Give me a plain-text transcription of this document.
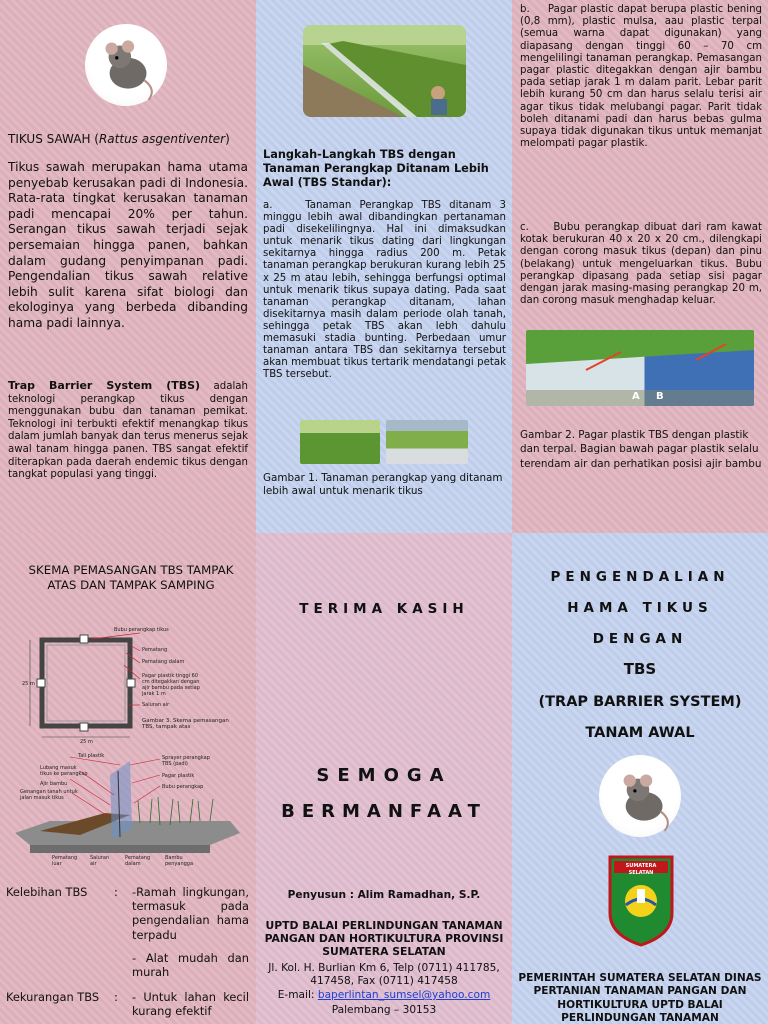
TIKUS SAWAH (Rattus asgentiventer)

Tikus sawah merupakan hama utama penyebab kerusakan padi di Indonesia. Rata-rata tingkat kerusakan tanaman padi mencapai 20% per tahun. Serangan tikus sawah terjadi sejak persemaian hingga panen, bahkan dalam gudang penyimpanan padi. Pengendalian tikus sawah relative lebih sulit karena sifat biologi dan ekologinya yang berbeda dibanding hama padi lainnya.

Trap Barrier System (TBS) adalah teknologi perangkap tikus dengan menggunakan bubu dan tanaman pemikat. Teknologi ini terbukti efektif menangkap tikus dalam jumlah banyak dan terus menerus sejak awal tanam hingga panen. TBS sangat efektif diterapkan pada daerah endemic tikus dengan tangkat populasi yang tinggi.

Langkah-Langkah TBS dengan Tanaman Perangkap Ditanam Lebih Awal (TBS Standar):

a.    Tanaman Perangkap TBS ditanam 3 minggu lebih awal dibandingkan pertanaman padi disekelilingnya. Hal ini dimaksudkan untuk menarik tikus dating dari lingkungan sekitarnya hingga radius 200 m. Petak tanaman perangkap berukuran kurang lebih 25 x 25 m atau lebih, sehingga berfungsi optimal untuk menarik tikus supaya dating. Pada saat tanaman perangkap ditanam, lahan disekitarnya masih dalam periode olah tanah, sehingga petak TBS akan lebh dahulu memasuki stadia bunting. Perbedaan umur tanaman antara TBS dan sekitarnya tersebut akan membuat tikus tertarik mendatangi petak TBS tersebut.

Gambar 1. Tanaman perangkap yang ditanam lebih awal untuk menarik tikus

b.     Pagar plastic dapat berupa plastic bening (0,8 mm), plastic mulsa, aau plastic terpal (semua warna dapat digunakan) yang diapasang dengan tinggi 60 – 70 cm mengelilingi tanaman perangkap. Pemasangan pagar plastic ditegakkan dengan ajir bambu pada setiap jarak 1 m dalam parit. Lebar parit lebih kurang 50 cm dan harus selalu terisi air agar tikus tidak melubangi pagar. Parit tidak boleh ditanami padi dan harus bebas gulma supaya tidak digunakan tikus untuk memanjat melompati pagar plastik.

c.     Bubu perangkap dibuat dari ram kawat kotak berukuran 40 x 20 x 20 cm., dilengkapi dengan corong masuk tikus (depan) dan pinu (belakang) untuk mengeluarkan tikus. Bubu perangkap dipasang pada setiap sisi pagar dengan jarak masing-masing perangkap 20 m, dan corong masuk menghadap keluar.

A B

Gambar 2. Pagar plastik TBS dengan plastik dan terpal. Bagian bawah pagar plastik selalu terendam air dan perhatikan posisi ajir bambu

SKEMA PEMASANGAN TBS TAMPAK ATAS DAN TAMPAK SAMPING
Bubu perangkap tikus
Pematang
Pematang dalam
Pagar plastik tinggi 60 cm ditegakkan dengan ajir bambu pada setiap jarak 1 m
Saluran air
25 m
25 m
Gambar 3. Skema pemasangan TBS, tampak atas
Tali plastik
Lubang masuk tikus ke perangkap
Ajir bambu
Genangan tanah untuk jalan masuk tikus
Sprayer perangkap TBS (padi)
Pagar plastik
Bubu perangkap
Pematang luar
Saluran air
Pematang dalam
Bambu penyangga
Kelebihan TBS : -Ramah lingkungan, termasuk pada pengendalian hama terpadu
- Alat mudah dan murah
Kekurangan TBS : - Untuk lahan kecil kurang efektif
TERIMA KASIH
SEMOGA
BERMANFAAT
Penyusun : Alim Ramadhan, S.P.
UPTD BALAI PERLINDUNGAN TANAMAN PANGAN DAN HORTIKULTURA PROVINSI SUMATERA SELATAN
Jl. Kol. H. Burlian Km 6, Telp (0711) 411785, 417458, Fax (0711) 417458
E-mail: baperlintan_sumsel@yahoo.com
Palembang – 30153
PENGENDALIAN
HAMA TIKUS
DENGAN
TBS
(TRAP BARRIER SYSTEM)
TANAM AWAL
SUMATERA SELATAN
PEMERINTAH SUMATERA SELATAN DINAS PERTANIAN TANAMAN PANGAN DAN HORTIKULTURA UPTD BALAI PERLINDUNGAN TANAMAN
